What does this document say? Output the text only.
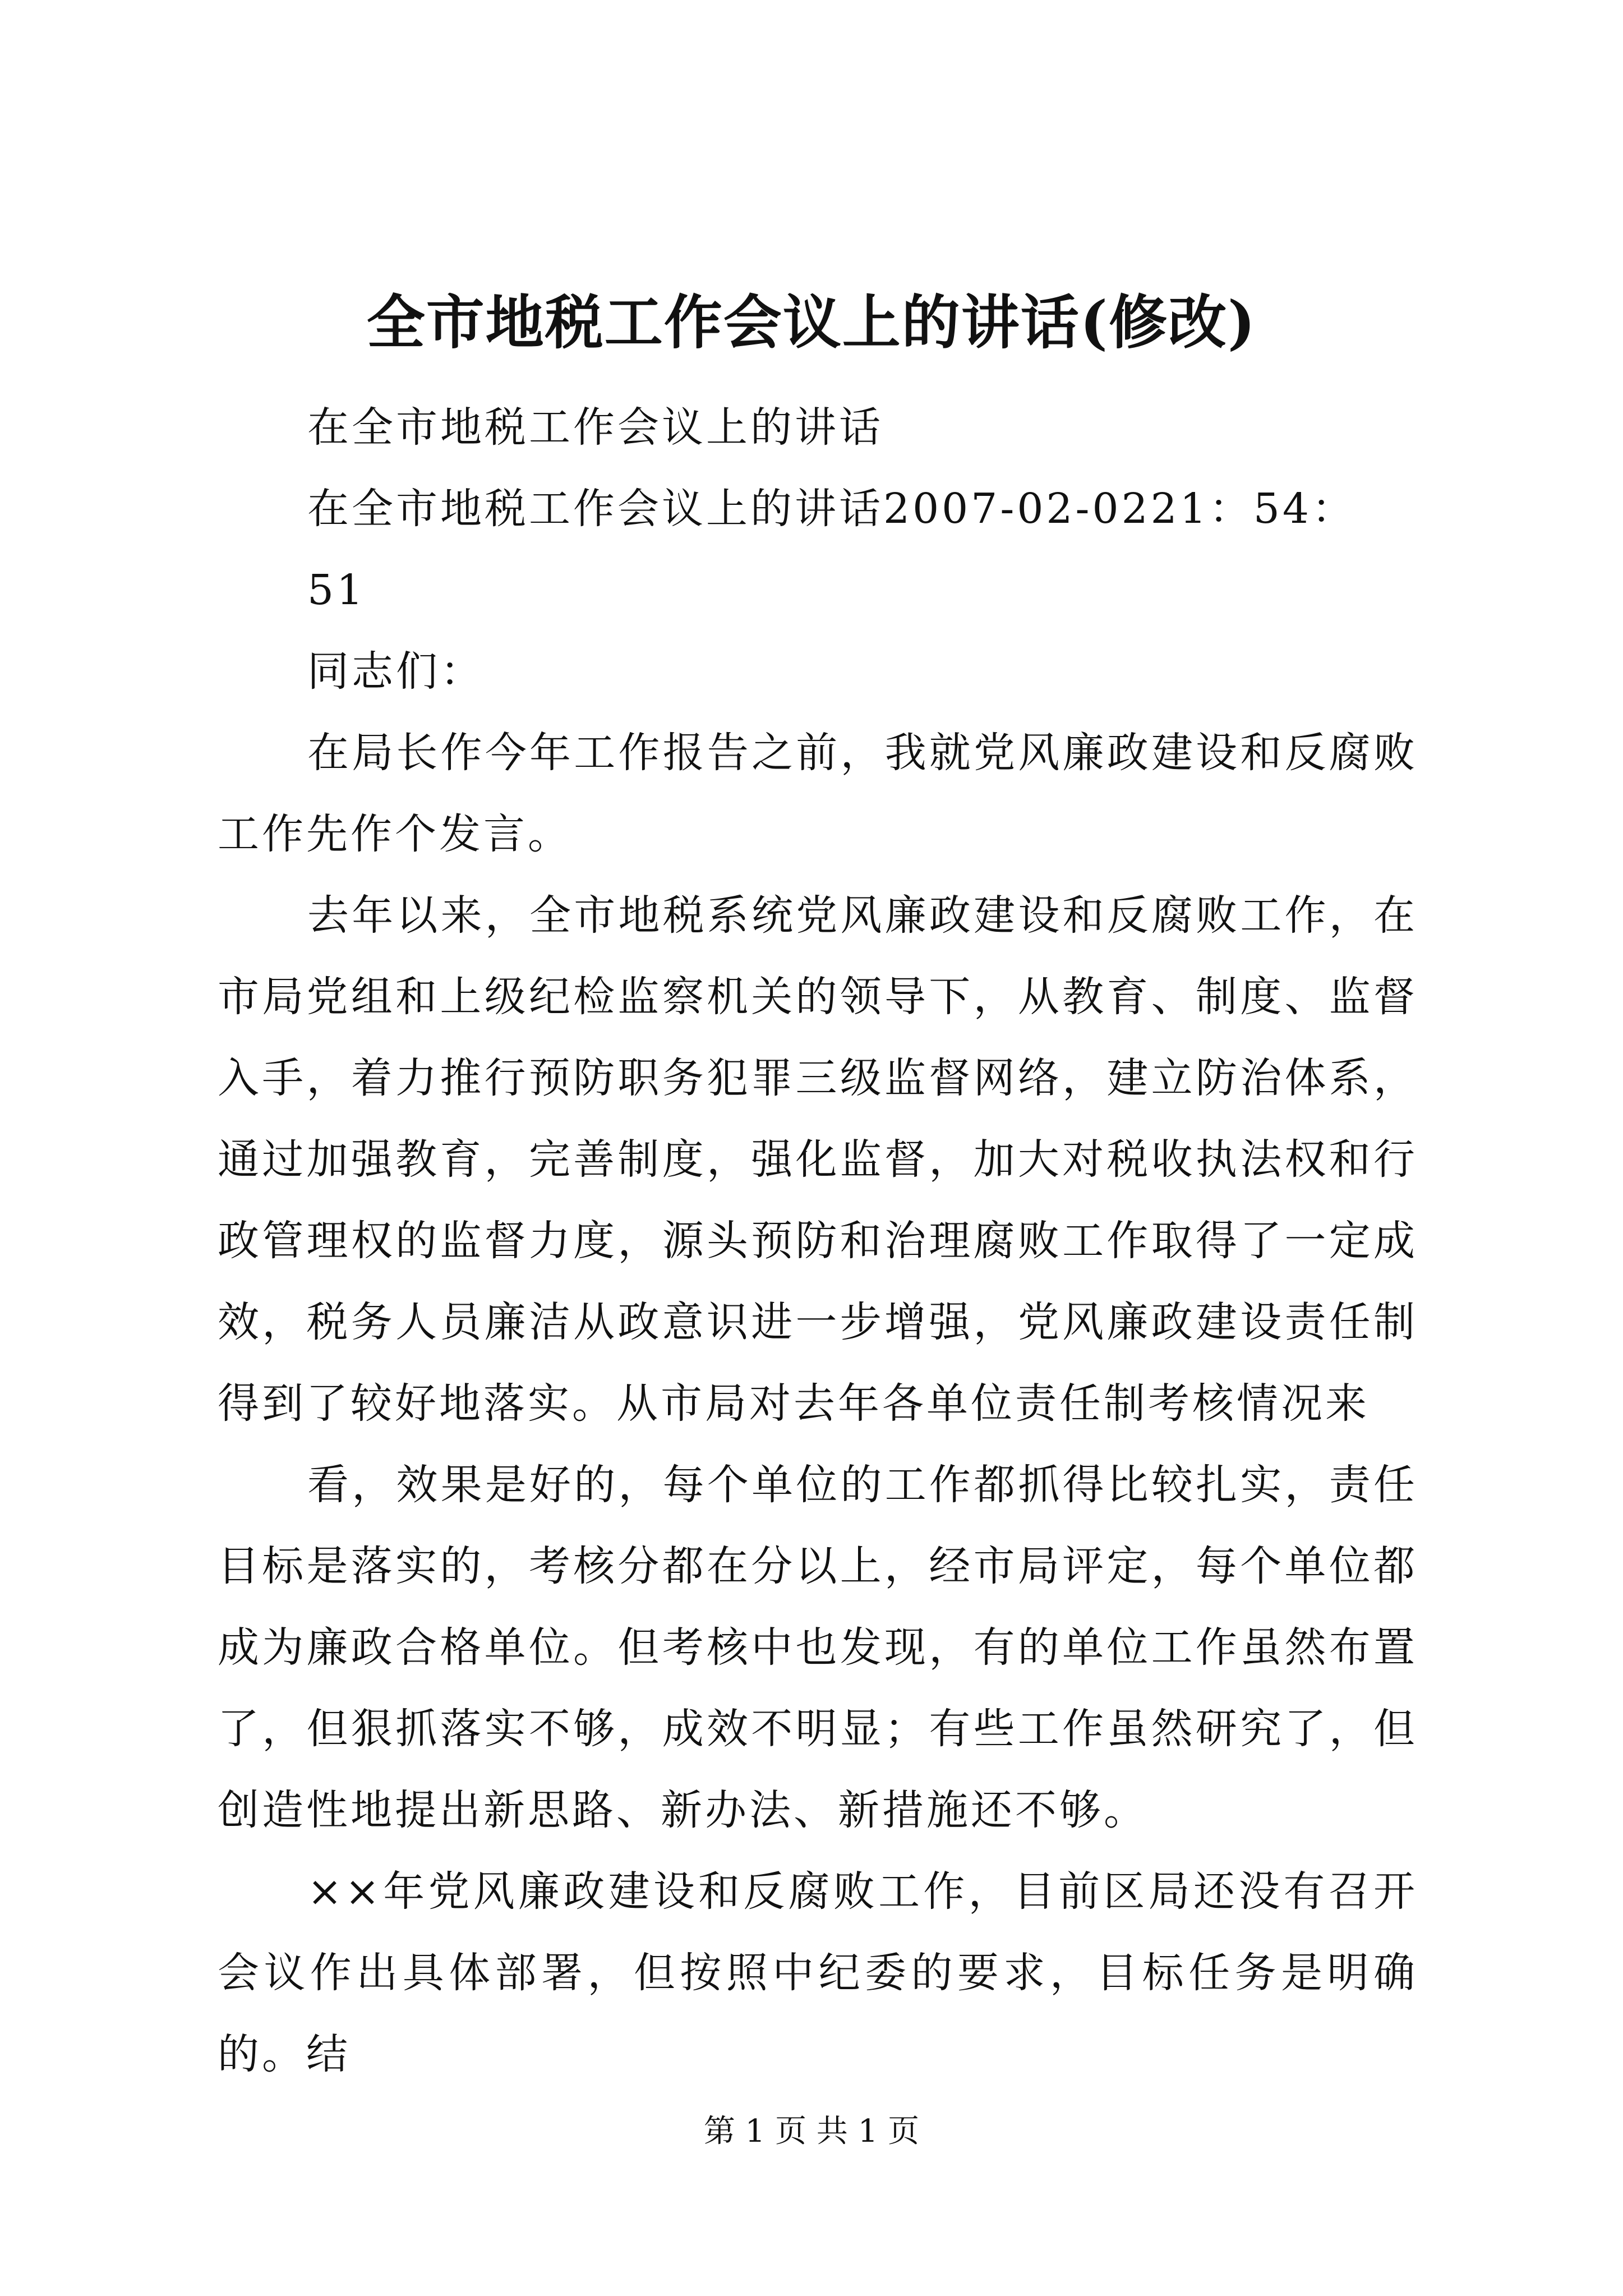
全市地税工作会议上的讲话(修改)

在全市地税工作会议上的讲话

在全市地税工作会议上的讲话2007-02-0221：54：

51

同志们：

在局长作今年工作报告之前，我就党风廉政建设和反腐败工作先作个发言。

去年以来，全市地税系统党风廉政建设和反腐败工作，在市局党组和上级纪检监察机关的领导下，从教育、制度、监督入手，着力推行预防职务犯罪三级监督网络，建立防治体系，通过加强教育，完善制度，强化监督，加大对税收执法权和行政管理权的监督力度，源头预防和治理腐败工作取得了一定成效，税务人员廉洁从政意识进一步增强，党风廉政建设责任制得到了较好地落实。从市局对去年各单位责任制考核情况来

看，效果是好的，每个单位的工作都抓得比较扎实，责任目标是落实的，考核分都在分以上，经市局评定，每个单位都成为廉政合格单位。但考核中也发现，有的单位工作虽然布置了，但狠抓落实不够，成效不明显；有些工作虽然研究了，但创造性地提出新思路、新办法、新措施还不够。

××年党风廉政建设和反腐败工作，目前区局还没有召开会议作出具体部署，但按照中纪委的要求，目标任务是明确的。结

第 1 页 共 1 页
